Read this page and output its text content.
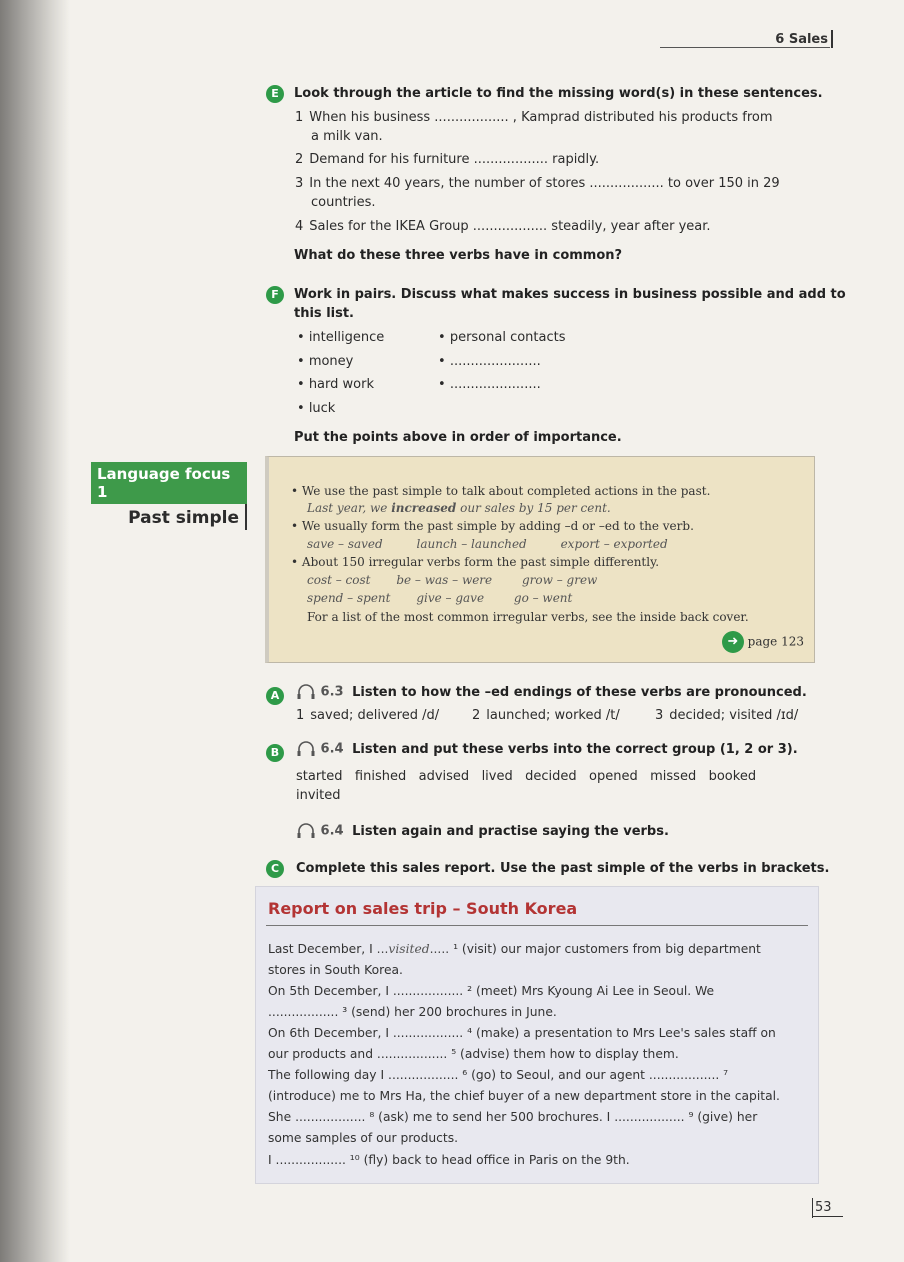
6 Sales
E	Look through the article to find the missing word(s) in these sentences.
1 When his business .................. , Kamprad distributed his products from
a milk van.
2 Demand for his furniture .................. rapidly.
3 In the next 40 years, the number of stores .................. to over 150 in 29
countries.
4 Sales for the IKEA Group .................. steadily, year after year.
What do these three verbs have in common?
F	Work in pairs. Discuss what makes success in business possible and add to
this list.
• intelligence
• money
• hard work
• luck
• personal contacts
• ......................
• ......................
Put the points above in order of importance.
Language focus 1
Past simple
• We use the past simple to talk about completed actions in the past.
Last year, we increased our sales by 15 per cent.
• We usually form the past simple by adding –d or –ed to the verb.
save – saved	launch – launched	export – exported
• About 150 irregular verbs form the past simple differently.
cost – cost be – was – were grow – grew
spend – spent give – gave go – went
For a list of the most common irregular verbs, see the inside back cover.
➜ page 123
A	6.3 Listen to how the –ed endings of these verbs are pronounced.
1 saved; delivered /d/	2 launched; worked /t/	3 decided; visited /ɪd/
B	6.4 Listen and put these verbs into the correct group (1, 2 or 3).
started   finished   advised   lived   decided   opened   missed   booked
invited
6.4 Listen again and practise saying the verbs.
C	Complete this sales report. Use the past simple of the verbs in brackets.
Report on sales trip – South Korea
Last December, I ...visited..... ¹ (visit) our major customers from big department
stores in South Korea.
On 5th December, I .................. ² (meet) Mrs Kyoung Ai Lee in Seoul. We
.................. ³ (send) her 200 brochures in June.
On 6th December, I .................. ⁴ (make) a presentation to Mrs Lee's sales staff on
our products and .................. ⁵ (advise) them how to display them.
The following day I .................. ⁶ (go) to Seoul, and our agent .................. ⁷
(introduce) me to Mrs Ha, the chief buyer of a new department store in the capital.
She .................. ⁸ (ask) me to send her 500 brochures. I .................. ⁹ (give) her
some samples of our products.
I .................. ¹⁰ (fly) back to head office in Paris on the 9th.
53
